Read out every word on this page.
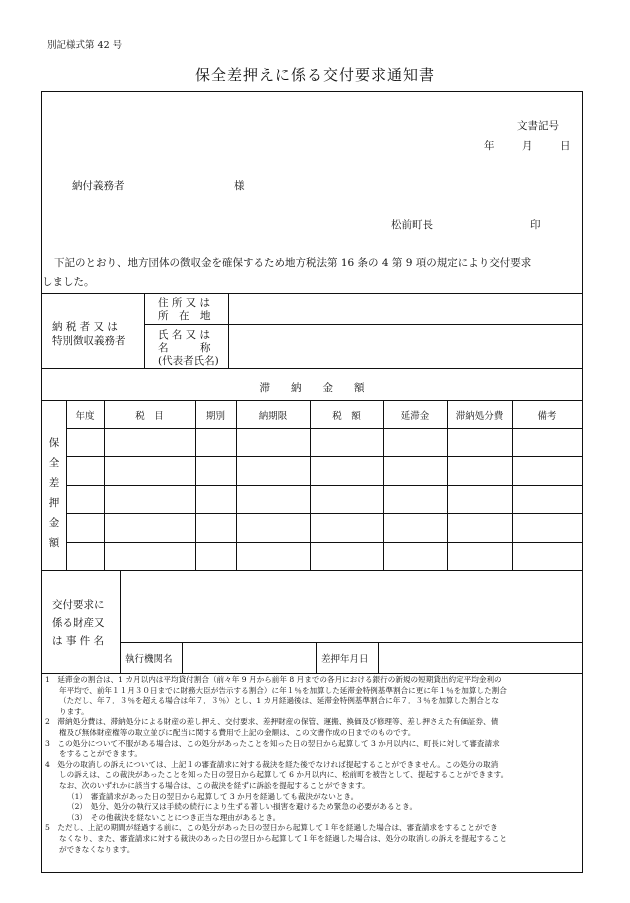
別記様式第 42 号
保全差押えに係る交付要求通知書
文書記号
年	月	日
納付義務者	様
松前町長	印
下記のとおり、地方団体の徴収金を確保するため地方税法第 16 条の 4 第 9 項の規定により交付要求
しました。
納 税 者 又 は
特別徴収義務者
住 所 又 は
所　在　地
氏 名 又 は
名　　　称
(代表者氏名)
滞　　納　　金　　額
保
全
差
押
金
額
年度	税　目	期別	納期限	税　額	延滞金	滞納処分費	備考
交付要求に
係る財産又
は 事 件 名
執行機関名	差押年月日

1　延滞金の割合は、1 カ月以内は平均貸付割合（前々年 9 月から前年 8 月までの各月における銀行の新規の短期貸出約定平均金利の

年平均で、前年１１月３０日までに財務大臣が告示する割合）に年１％を加算した延滞金特例基準割合に更に年１％を加算した割合

（ただし、年７．３％を超える場合は年７．３％）とし、1 カ月経過後は、延滞金特例基準割合に年７．３％を加算した割合とな

ります。

2　滞納処分費は、滞納処分による財産の差し押え、交付要求、差押財産の保管、運搬、換価及び修理等、差し押さえた有価証券、債

権及び無体財産権等の取立並びに配当に関する費用で上記の金額は、この文書作成の日までのものです。

3　この処分について不服がある場合は、この処分があったことを知った日の翌日から起算して 3 か月以内に、町長に対して審査請求

をすることができます。

4　処分の取消しの訴えについては、上記１の審査請求に対する裁決を経た後でなければ提起することができません。この処分の取消

しの訴えは、この裁決があったことを知った日の翌日から起算して 6 か月以内に、松前町を被告として、提起することができます。

なお、次のいずれかに該当する場合は、この裁決を経ずに訴訟を提起することができます。

（1）　審査請求があった日の翌日から起算して 3 か月を経過しても裁決がないとき。

（2）　処分、処分の執行又は手続の続行により生ずる著しい損害を避けるため緊急の必要があるとき。

（3）　その他裁決を経ないことにつき正当な理由があるとき。

5　ただし、上記の期間が経過する前に、この処分があった日の翌日から起算して１年を経過した場合は、審査請求をすることができ

なくなり、また、審査請求に対する裁決のあった日の翌日から起算して１年を経過した場合は、処分の取消しの訴えを提起すること

ができなくなります。
